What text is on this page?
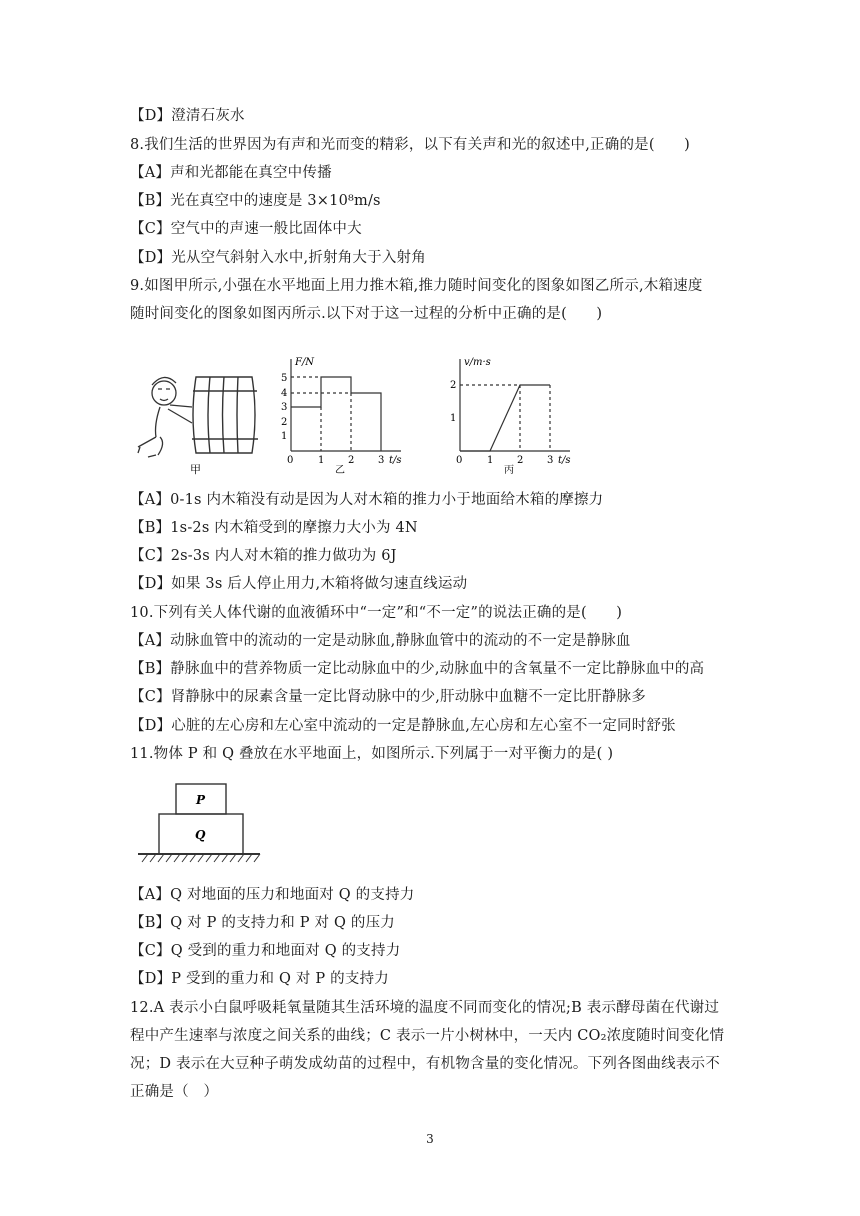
【D】澄清石灰水
8.我们生活的世界因为有声和光而变的精彩，以下有关声和光的叙述中,正确的是(　　)
【A】声和光都能在真空中传播
【B】光在真空中的速度是 3×10⁸m/s
【C】空气中的声速一般比固体中大
【D】光从空气斜射入水中,折射角大于入射角
9.如图甲所示,小强在水平地面上用力推木箱,推力随时间变化的图象如图乙所示,木箱速度
随时间变化的图象如图丙所示.以下对于这一过程的分析中正确的是(　　)
甲
F/N
1
2
3
4
5
0 1 2 3 t/s
乙
v/m·s
1
2
0 1 2 3 t/s
丙
【A】0-1s 内木箱没有动是因为人对木箱的推力小于地面给木箱的摩擦力
【B】1s-2s 内木箱受到的摩擦力大小为 4N
【C】2s-3s 内人对木箱的推力做功为 6J
【D】如果 3s 后人停止用力,木箱将做匀速直线运动
10.下列有关人体代谢的血液循环中“一定”和“不一定”的说法正确的是(　　)
【A】动脉血管中的流动的一定是动脉血,静脉血管中的流动的不一定是静脉血
【B】静脉血中的营养物质一定比动脉血中的少,动脉血中的含氧量不一定比静脉血中的高
【C】肾静脉中的尿素含量一定比肾动脉中的少,肝动脉中血糖不一定比肝静脉多
【D】心脏的左心房和左心室中流动的一定是静脉血,左心房和左心室不一定同时舒张
11.物体 P 和 Q 叠放在水平地面上，如图所示.下列属于一对平衡力的是( )
P
Q
【A】Q 对地面的压力和地面对 Q 的支持力
【B】Q 对 P 的支持力和 P 对 Q 的压力
【C】Q 受到的重力和地面对 Q 的支持力
【D】P 受到的重力和 Q 对 P 的支持力
12.A 表示小白鼠呼吸耗氧量随其生活环境的温度不同而变化的情况;B 表示酵母菌在代谢过
程中产生速率与浓度之间关系的曲线；C 表示一片小树林中，一天内 CO₂浓度随时间变化情
况；D 表示在大豆种子萌发成幼苗的过程中，有机物含量的变化情况。下列各图曲线表示不
正确是（　）
3
